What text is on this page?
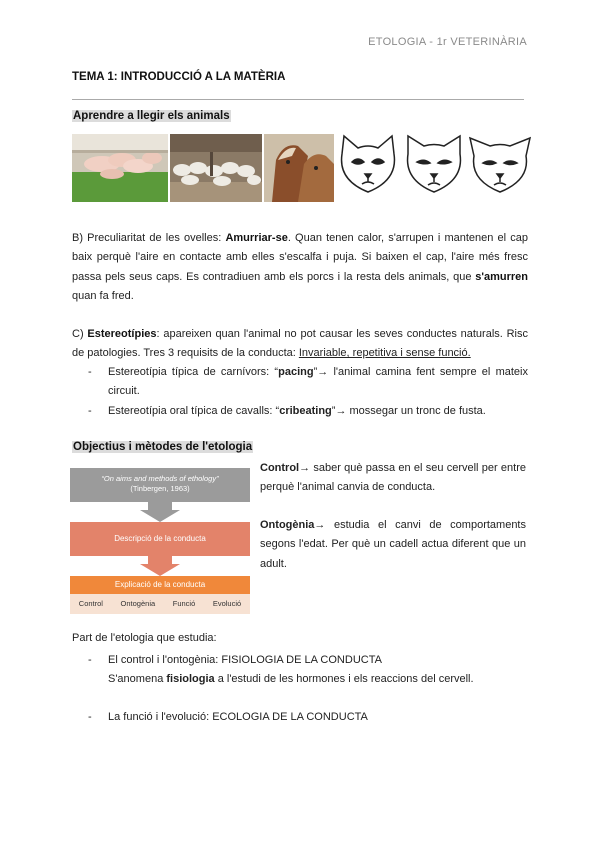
ETOLOGIA - 1r VETERINÀRIA
TEMA 1: INTRODUCCIÓ A LA MATÈRIA
Aprendre a llegir els animals
B) Preculiaritat de les ovelles: Amurriar-se. Quan tenen calor, s'arrupen i mantenen el cap baix perquè l'aire en contacte amb elles s'escalfa i puja. Si baixen el cap, l'aire més fresc passa pels seus caps. Es contradiuen amb els porcs i la resta dels animals, que s'amurren quan fa fred.
C) Estereotípies: apareixen quan l'animal no pot causar les seves conductes naturals. Risc de patologies. Tres 3 requisits de la conducta: Invariable, repetitiva i sense funció.
- Estereotípia típica de carnívors: “pacing”→ l'animal camina fent sempre el mateix circuit.
- Estereotípia oral típica de cavalls: “cribeating”→ mossegar un tronc de fusta.
Objectius i mètodes de l'etologia
“On aims and methods of ethology”
(Tinbergen, 1963)
Descripció de la conducta
Explicació de la conducta
Control Ontogènia Funció Evolució
Control→ saber què passa en el seu cervell per entre perquè l'animal canvia de conducta.
Ontogènia→ estudia el canvi de comportaments segons l'edat. Per què un cadell actua diferent que un adult.
Part de l'etologia que estudia:
- El control i l'ontogènia: FISIOLOGIA DE LA CONDUCTA
S'anomena fisiologia a l'estudi de les hormones i els reaccions del cervell.
- La funció i l'evolució: ECOLOGIA DE LA CONDUCTA
